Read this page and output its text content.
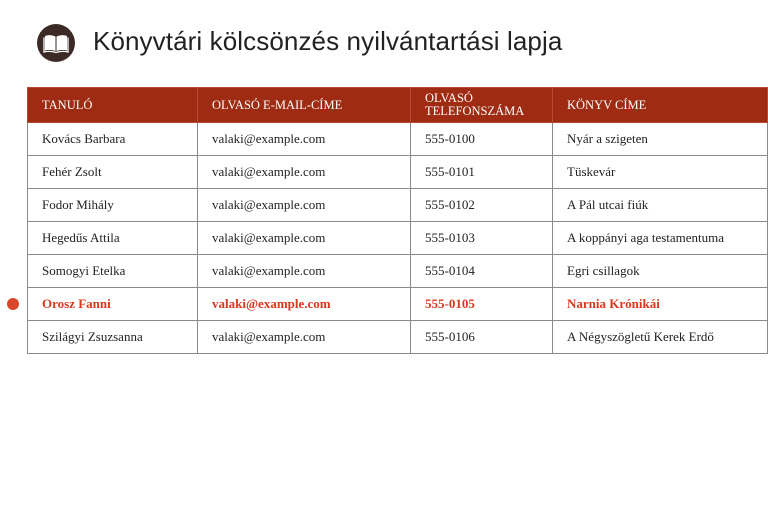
Könyvtári kölcsönzés nyilvántartási lapja
TANULÓ	OLVASÓ E-MAIL-CÍME	OLVASÓ TELEFONSZÁMA	KÖNYV CÍME
Kovács Barbara	valaki@example.com	555-0100	Nyár a szigeten
Fehér Zsolt	valaki@example.com	555-0101	Tüskevár
Fodor Mihály	valaki@example.com	555-0102	A Pál utcai fiúk
Hegedűs Attila	valaki@example.com	555-0103	A koppányi aga testamentuma
Somogyi Etelka	valaki@example.com	555-0104	Egri csillagok
Orosz Fanni	valaki@example.com	555-0105	Narnia Krónikái
Szilágyi Zsuzsanna	valaki@example.com	555-0106	A Négyszögletű Kerek Erdő
